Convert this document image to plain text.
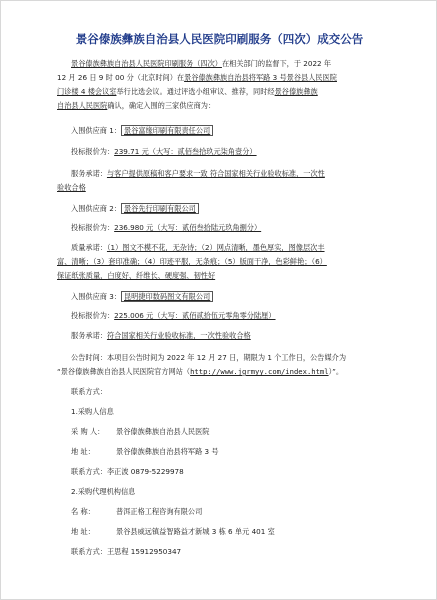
景谷傣族彝族自治县人民医院印刷服务（四次）成交公告
景谷傣族彝族自治县人民医院印刷服务（四次）在相关部门的监督下，于 2022 年
12 月 26 日 9 时 00 分（北京时间）在景谷傣族彝族自治县将军路 3 号景谷县人民医院
门诊楼 4 楼会议室举行比选会议。通过评选小组审议、推荐，同时经景谷傣族彝族
自治县人民医院确认，确定入围的三家供应商为：
入围供应商 1： 景谷富缘印刷有限责任公司
投标报价为：239.71 元（大写：贰佰叁拾玖元柒角壹分）
服务承诺：与客户提供原稿和客户要求一致 符合国家相关行业验收标准，一次性
验收合格
入围供应商 2： 景谷先行印刷有限公司
投标报价为：236.980 元（大写：贰佰叁拾陆元玖角捌分）
质量承诺：（1）图文不模不花，无杂诗；（2）网点清晰，墨色厚实，图像层次丰
富、清晰；（3）套印准确；（4）印迹平服，无条痕；（5）版面干净，色彩鲜艳；（6）
保证纸张质量，白度好、纤维长、硬度强、韧性好
入围供应商 3： 昆明捷印数码图文有限公司
投标报价为：225.006 元（大写：贰佰贰拾伍元零角零分陆厘）
服务承诺：符合国家相关行业验收标准，一次性验收合格
公告时间：本项目公告时间为 2022 年 12 月 27 日，期限为 1 个工作日，公告媒介为
“景谷傣族彝族自治县人民医院官方网站（http://www.jgrmyy.com/index.html）”。
联系方式：
1.采购人信息
采 购 人： 景谷傣族彝族自治县人民医院
地 址：	景谷傣族彝族自治县将军路 3 号
联系方式：李正波 0879-5229978
2.采购代理机构信息
名 称：	普洱正格工程咨询有限公司
地 址：	景谷县威远镇益智路益才新城 3 栋 6 单元 401 室
联系方式：王思程 15912950347
